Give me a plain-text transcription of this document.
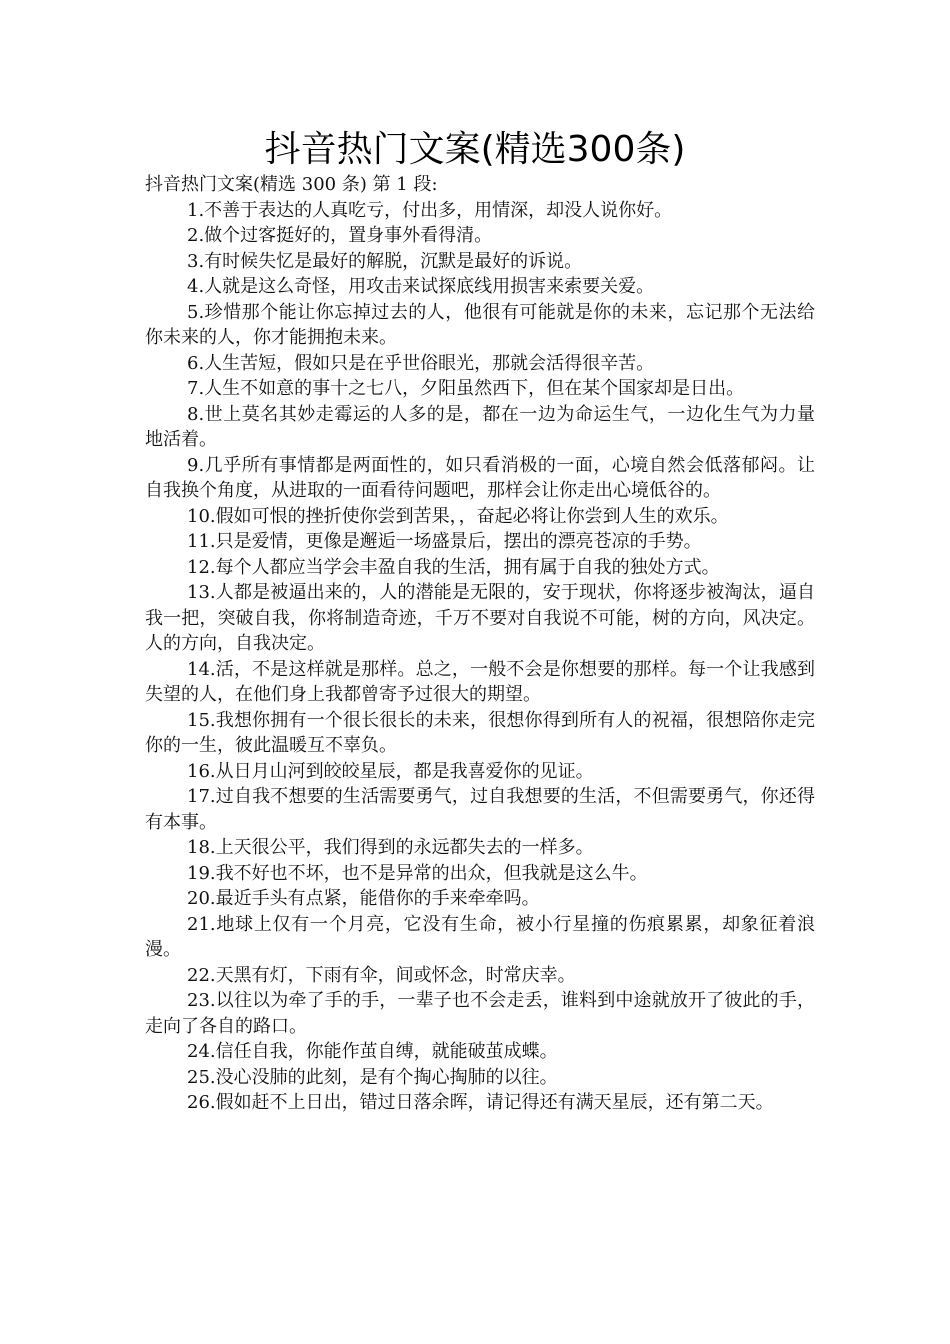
抖音热门文案(精选300条)

抖音热门文案(精选 300 条) 第 1 段:

1.不善于表达的人真吃亏，付出多，用情深，却没人说你好。

2.做个过客挺好的，置身事外看得清。

3.有时候失忆是最好的解脱，沉默是最好的诉说。

4.人就是这么奇怪，用攻击来试探底线用损害来索要关爱。

5.珍惜那个能让你忘掉过去的人，他很有可能就是你的未来，忘记那个无法给你未来的人，你才能拥抱未来。

6.人生苦短，假如只是在乎世俗眼光，那就会活得很辛苦。

7.人生不如意的事十之七八，夕阳虽然西下，但在某个国家却是日出。

8.世上莫名其妙走霉运的人多的是，都在一边为命运生气，一边化生气为力量地活着。

9.几乎所有事情都是两面性的，如只看消极的一面，心境自然会低落郁闷。让自我换个角度，从进取的一面看待问题吧，那样会让你走出心境低谷的。

10.假如可恨的挫折使你尝到苦果，，奋起必将让你尝到人生的欢乐。

11.只是爱情，更像是邂逅一场盛景后，摆出的漂亮苍凉的手势。

12.每个人都应当学会丰盈自我的生活，拥有属于自我的独处方式。

13.人都是被逼出来的，人的潜能是无限的，安于现状，你将逐步被淘汰，逼自我一把，突破自我，你将制造奇迹，千万不要对自我说不可能，树的方向，风决定。人的方向，自我决定。

14.活，不是这样就是那样。总之，一般不会是你想要的那样。每一个让我感到失望的人，在他们身上我都曾寄予过很大的期望。

15.我想你拥有一个很长很长的未来，很想你得到所有人的祝福，很想陪你走完你的一生，彼此温暖互不辜负。

16.从日月山河到皎皎星辰，都是我喜爱你的见证。

17.过自我不想要的生活需要勇气，过自我想要的生活，不但需要勇气，你还得有本事。

18.上天很公平，我们得到的永远都失去的一样多。

19.我不好也不坏，也不是异常的出众，但我就是这么牛。

20.最近手头有点紧，能借你的手来牵牵吗。

21.地球上仅有一个月亮，它没有生命，被小行星撞的伤痕累累，却象征着浪漫。

22.天黑有灯，下雨有伞，间或怀念，时常庆幸。

23.以往以为牵了手的手，一辈子也不会走丢，谁料到中途就放开了彼此的手，走向了各自的路口。

24.信任自我，你能作茧自缚，就能破茧成蝶。

25.没心没肺的此刻，是有个掏心掏肺的以往。

26.假如赶不上日出，错过日落余晖，请记得还有满天星辰，还有第二天。
